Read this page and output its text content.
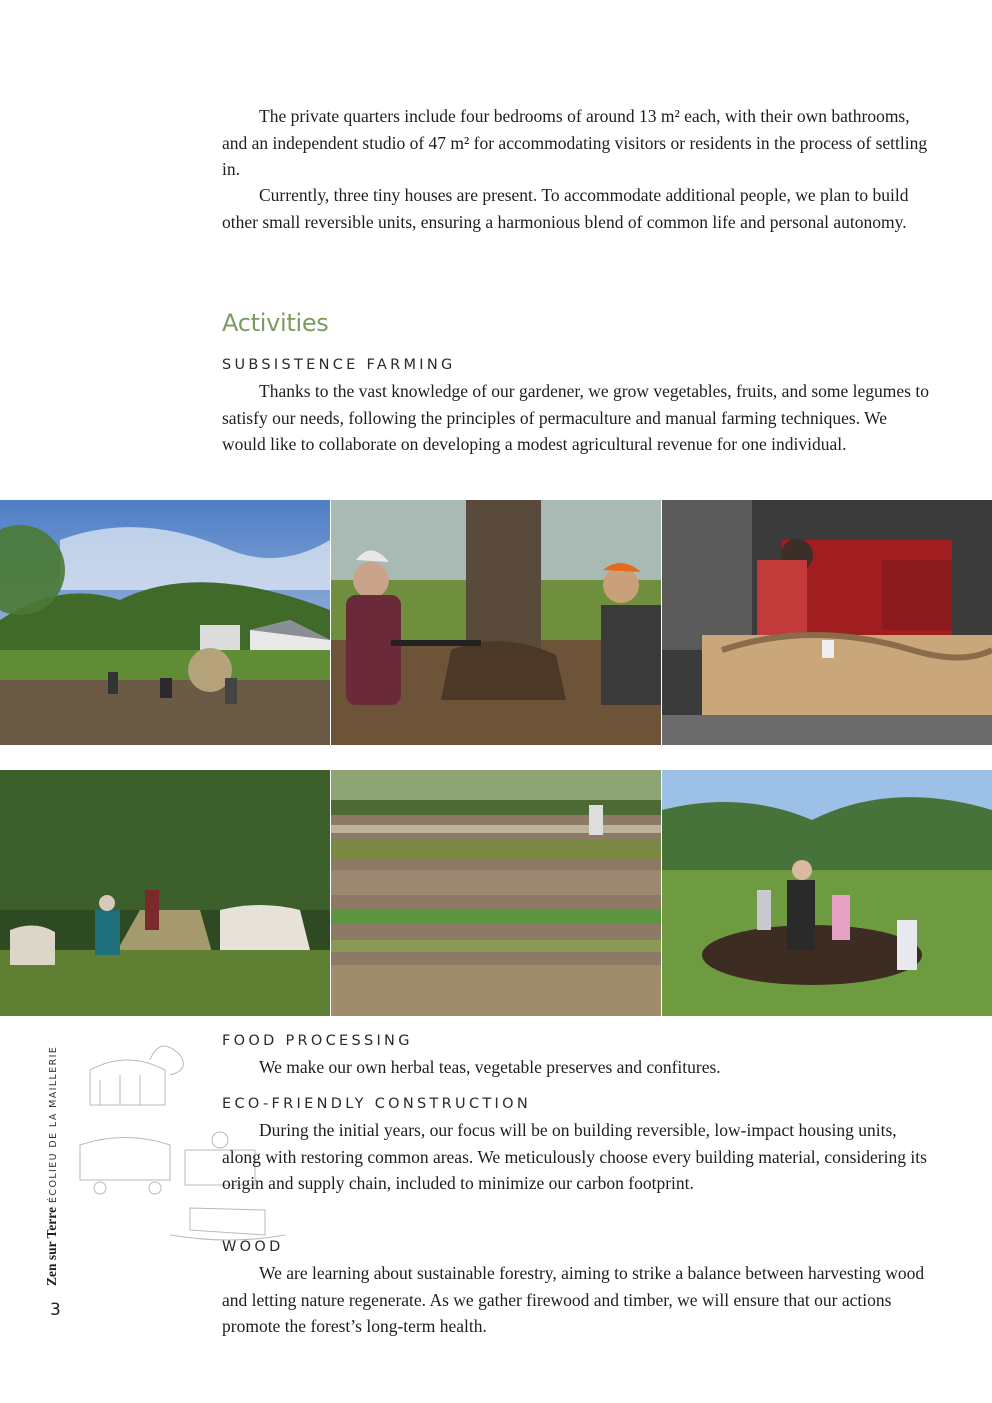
The private quarters include four bedrooms of around 13 m² each, with their own bathrooms, and an independent studio of 47 m² for accommodating visitors or residents in the process of settling in.

Currently, three tiny houses are present. To accommodate additional people, we plan to build other small reversible units, ensuring a harmonious blend of common life and personal autonomy.

Activities
SUBSISTENCE FARMING

Thanks to the vast knowledge of our gardener, we grow vegetables, fruits, and some legumes to satisfy our needs, following the principles of permaculture and manual farming techniques. We would like to collaborate on developing a modest agricultural revenue for one individual.

Zen sur Terre ÉCOLIEU DE LA MAILLERIE
3
FOOD PROCESSING

We make our own herbal teas, vegetable preserves and confitures.

ECO-FRIENDLY CONSTRUCTION

During the initial years, our focus will be on building reversible, low-impact housing units, along with restoring common areas. We meticulously choose every building material, considering its origin and supply chain, included to minimize our carbon footprint.

WOOD

We are learning about sustainable forestry, aiming to strike a balance between harvesting wood and letting nature regenerate. As we gather firewood and timber, we will ensure that our actions promote the forest’s long-term health.
